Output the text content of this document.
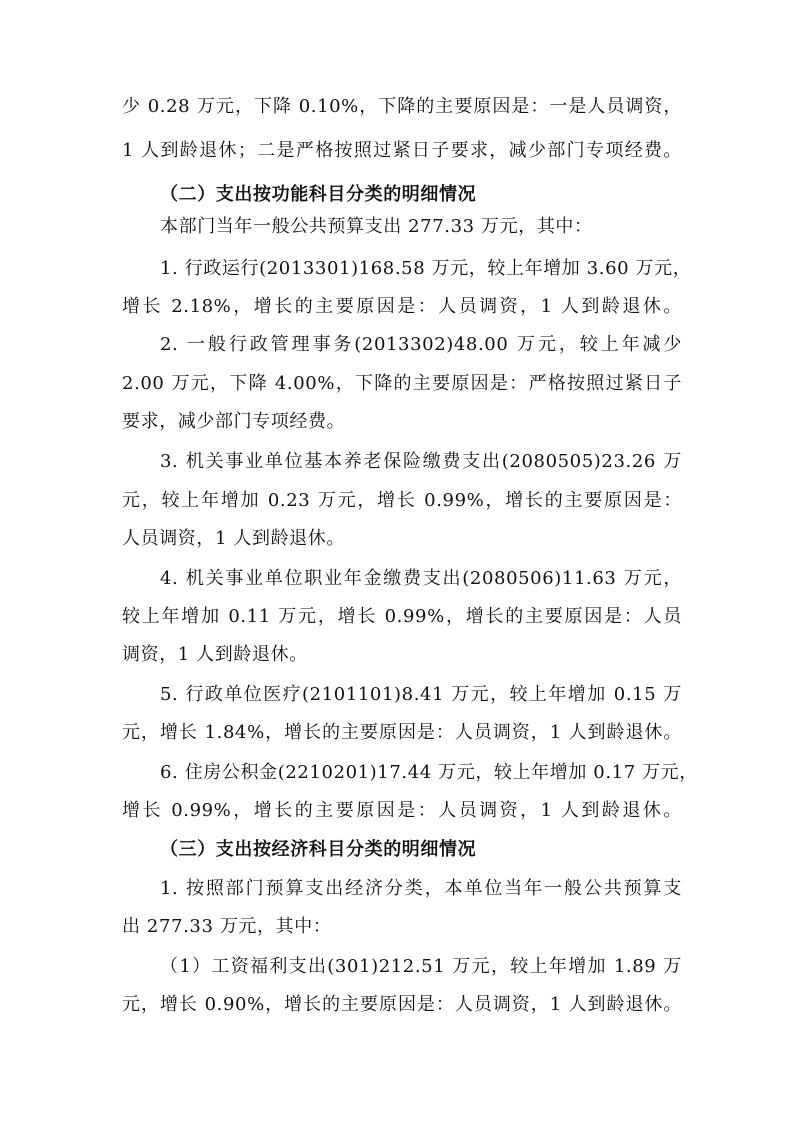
少 0.28 万元，下降 0.10%，下降的主要原因是：一是人员调资，
1 人到龄退休；二是严格按照过紧日子要求，减少部门专项经费。
（二）支出按功能科目分类的明细情况
本部门当年一般公共预算支出 277.33 万元，其中：
1. 行政运行(2013301)168.58 万元，较上年增加 3.60 万元，
增长 2.18%，增长的主要原因是：人员调资，1 人到龄退休。
2. 一般行政管理事务(2013302)48.00 万元，较上年减少
2.00 万元，下降 4.00%，下降的主要原因是：严格按照过紧日子
要求，减少部门专项经费。
3. 机关事业单位基本养老保险缴费支出(2080505)23.26 万
元，较上年增加 0.23 万元，增长 0.99%，增长的主要原因是：
人员调资，1 人到龄退休。
4. 机关事业单位职业年金缴费支出(2080506)11.63 万元，
较上年增加 0.11 万元，增长 0.99%，增长的主要原因是：人员
调资，1 人到龄退休。
5. 行政单位医疗(2101101)8.41 万元，较上年增加 0.15 万
元，增长 1.84%，增长的主要原因是：人员调资，1 人到龄退休。
6. 住房公积金(2210201)17.44 万元，较上年增加 0.17 万元，
增长 0.99%，增长的主要原因是：人员调资，1 人到龄退休。
（三）支出按经济科目分类的明细情况
1. 按照部门预算支出经济分类，本单位当年一般公共预算支
出 277.33 万元，其中：
（1）工资福利支出(301)212.51 万元，较上年增加 1.89 万
元，增长 0.90%，增长的主要原因是：人员调资，1 人到龄退休。
